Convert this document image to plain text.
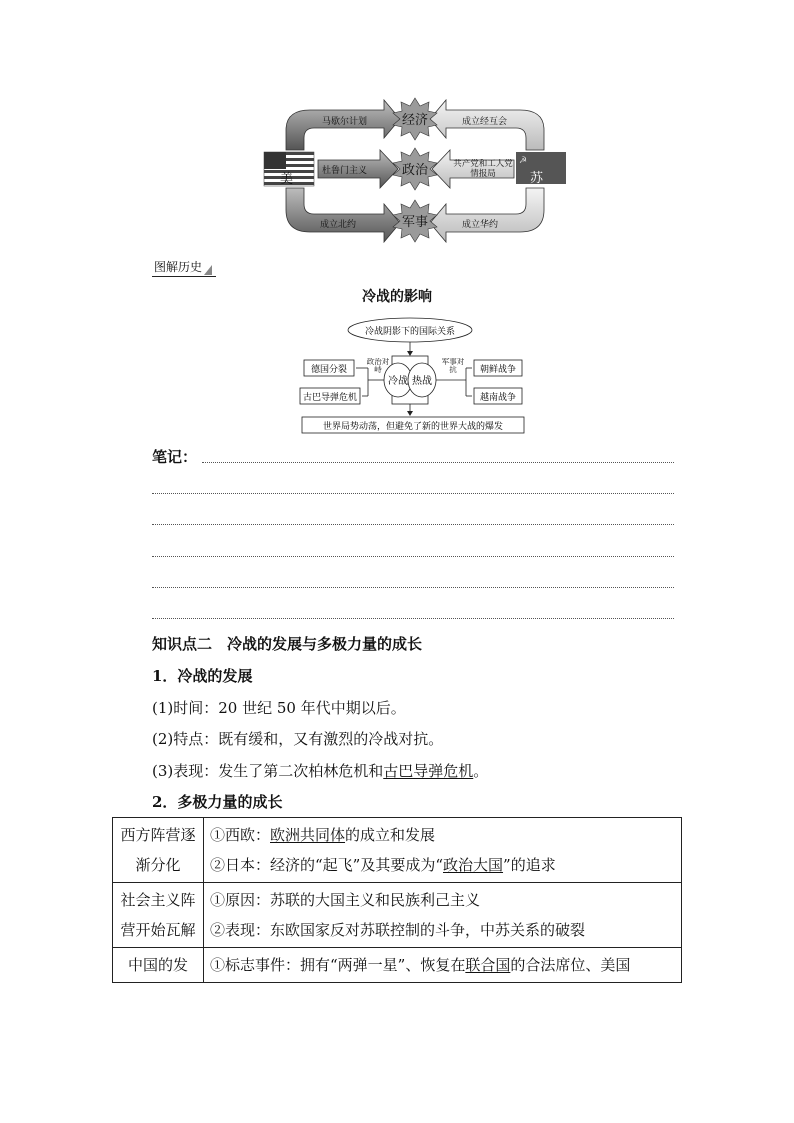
美
☭
苏
马歇尔计划
杜鲁门主义
成立北约
成立经互会
共产党和工人党情报局
成立华约
经济
政治
军事
图解历史
冷战的影响
冷战阴影下的国际关系
冷战 热战
德国分裂
古巴导弹危机
政治对峙	朝鲜战争
越南战争
军事对抗
世界局势动荡，但避免了新的世界大战的爆发
笔记：
知识点二　冷战的发展与多极力量的成长
1．冷战的发展
(1)时间：20 世纪 50 年代中期以后。
(2)特点：既有缓和，又有激烈的冷战对抗。
(3)表现：发生了第二次柏林危机和古巴导弹危机。
2．多极力量的成长
西方阵营逐渐分化	①西欧：欧洲共同体的成立和发展
②日本：经济的“起飞”及其要成为“政治大国”的追求

社会主义阵营开始瓦解	①原因：苏联的大国主义和民族利己主义
②表现：东欧国家反对苏联控制的斗争，中苏关系的破裂

中国的发	①标志事件：拥有“两弹一星”、恢复在联合国的合法席位、美国
